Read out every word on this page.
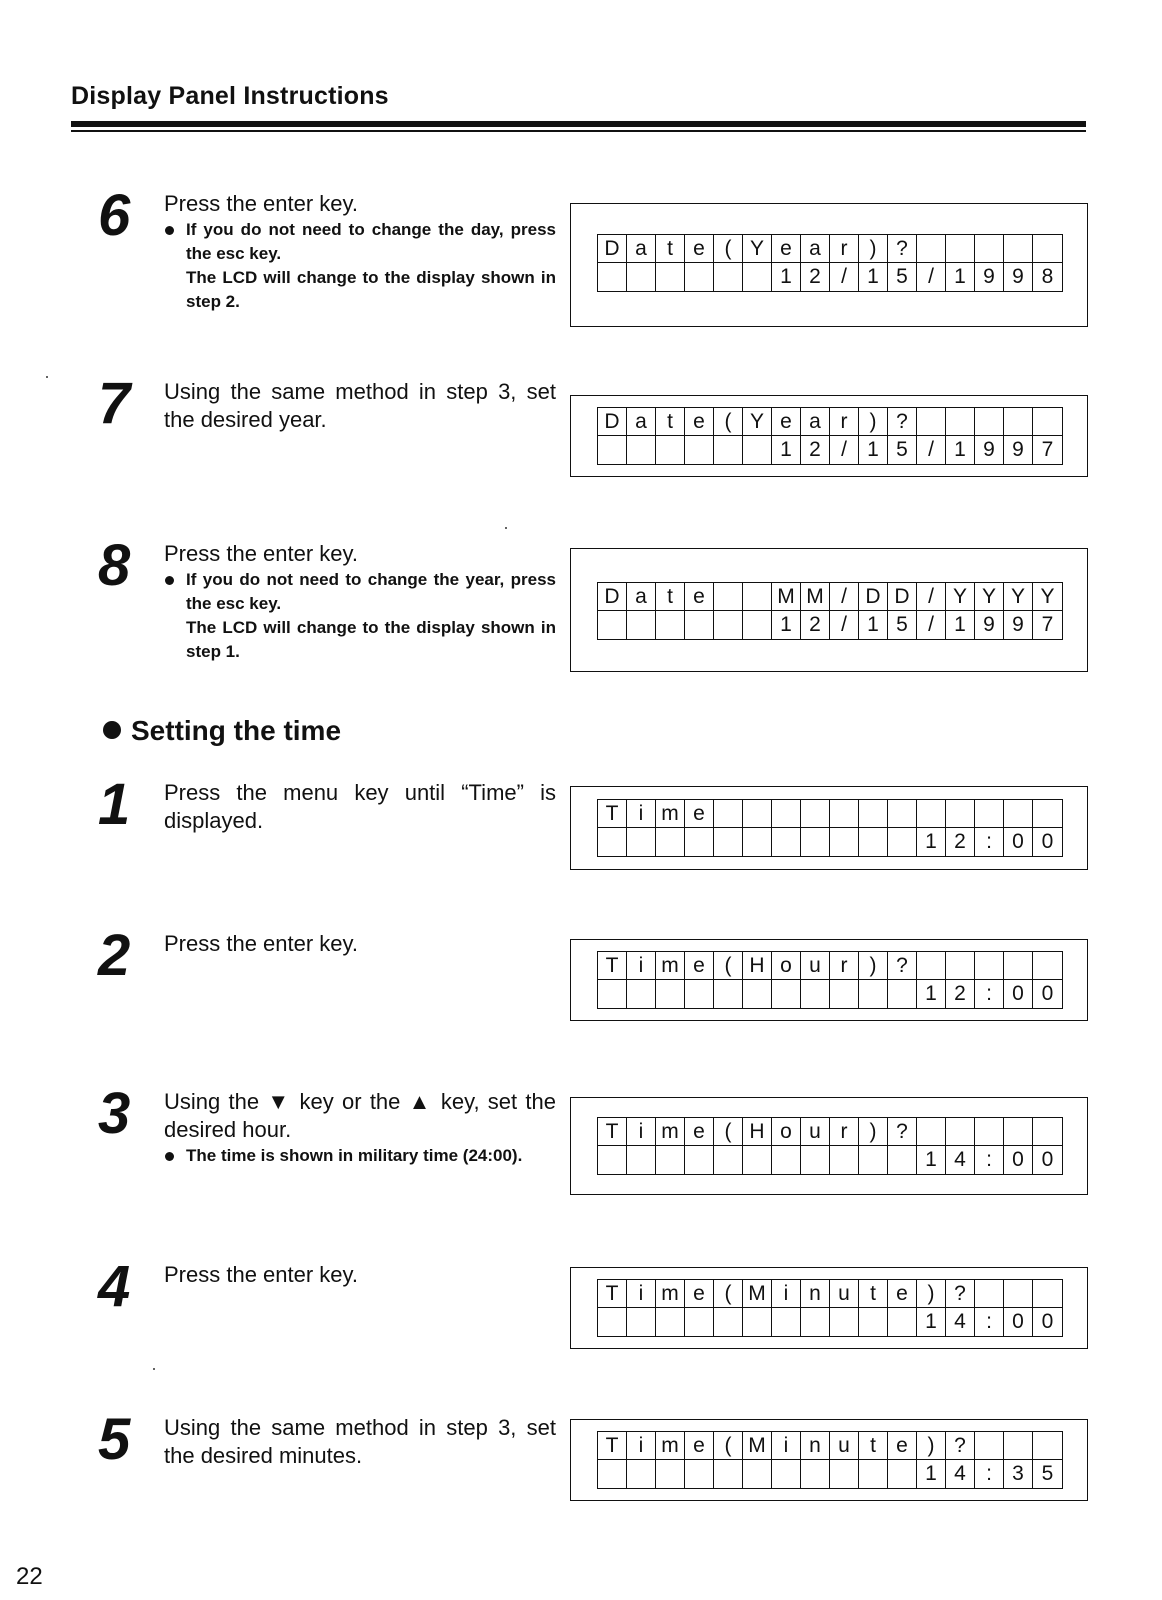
Display Panel Instructions
6	Press the enter key.
If you do not need to change the day, press the esc key.
The LCD will change to the display shown in step 2.
D a t e ( Y e a r	) ?
1 2 / 1 5 / 1 9 9 8
7	Using the same method in step 3, set the desired year.	D a t e ( Y e a r	) ?
1 2 / 1 5 / 1 9 9 7
8	Press the enter key.
If you do not need to change the year, press the esc key.
The LCD will change to the display shown in step 1.
D a t e	M M / D D / Y Y Y Y
1 2 / 1 5 / 1 9 9 7
Setting the time
1	Press the menu key until “Time” is displayed.	T i m e
1 2 : 0 0
2	Press the enter key.
T i m e ( H o u r	) ?
1 2 : 0 0
3	Using the ▼ key or the ▲ key, set the desired hour.
The time is shown in military time (24:00).
T i m e ( H o u r	) ?
1 4 : 0 0
4	Press the enter key.
T i m e ( M i n u t e ) ?
1 4 : 0 0
5	Using the same method in step 3, set the desired minutes.	T i m e ( M i n u t e ) ?
1 4 : 3 5
22
